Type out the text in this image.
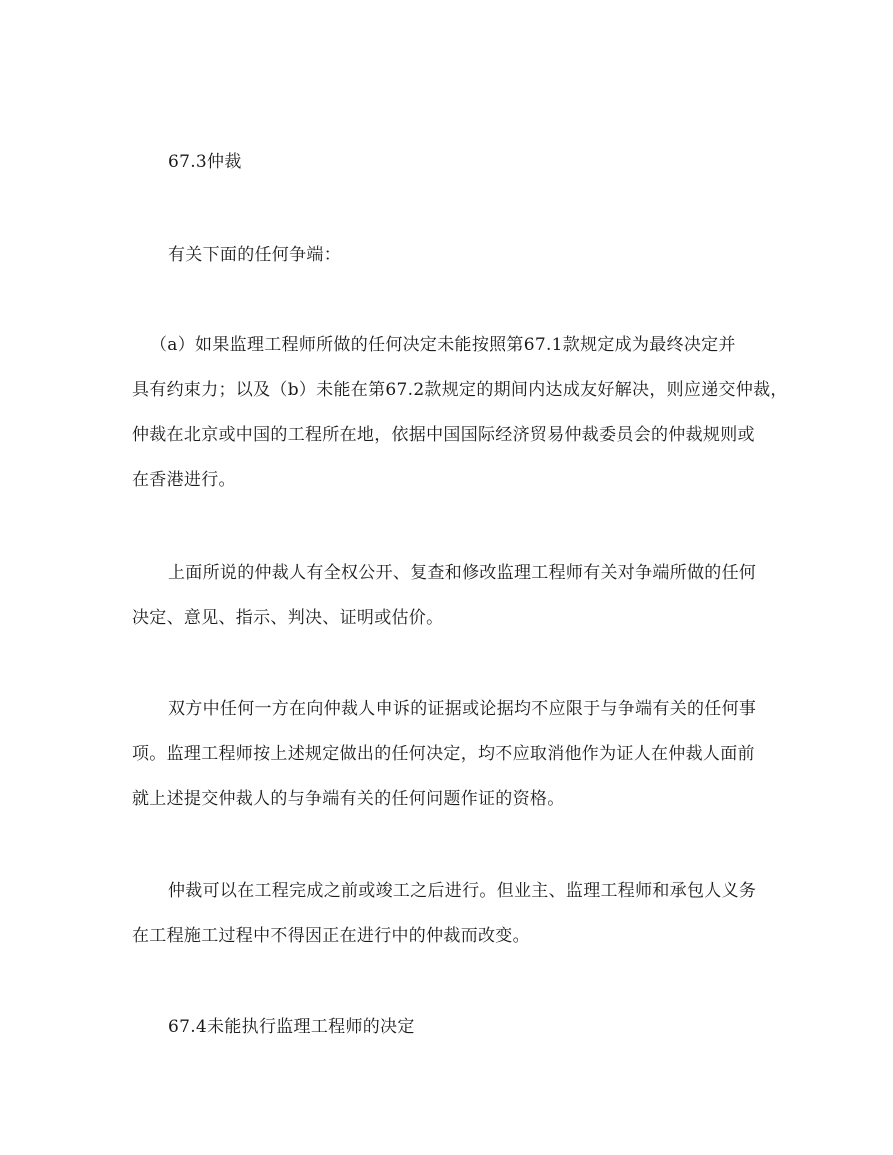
67.3仲裁

有关下面的任何争端：

（a）如果监理工程师所做的任何决定未能按照第67.1款规定成为最终决定并

具有约束力；以及（b）未能在第67.2款规定的期间内达成友好解决，则应递交仲裁，

仲裁在北京或中国的工程所在地，依据中国国际经济贸易仲裁委员会的仲裁规则或

在香港进行。

上面所说的仲裁人有全权公开、复查和修改监理工程师有关对争端所做的任何

决定、意见、指示、判决、证明或估价。

双方中任何一方在向仲裁人申诉的证据或论据均不应限于与争端有关的任何事

项。监理工程师按上述规定做出的任何决定，均不应取消他作为证人在仲裁人面前

就上述提交仲裁人的与争端有关的任何问题作证的资格。

仲裁可以在工程完成之前或竣工之后进行。但业主、监理工程师和承包人义务

在工程施工过程中不得因正在进行中的仲裁而改变。

67.4未能执行监理工程师的决定
